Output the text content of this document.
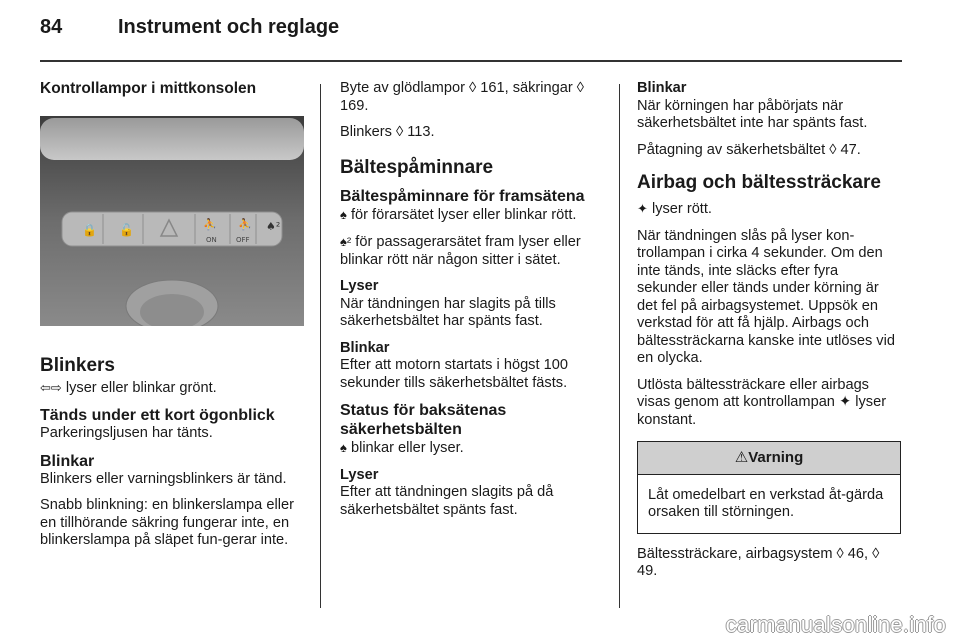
84	Instrument och reglage
Kontrollampor i mittkonsolen
🔒 🔓	⛹ ⛹ ♠²
ON	OFF
Blinkers

⇦⇨ lyser eller blinkar grönt.

Tänds under ett kort ögonblick

Parkeringsljusen har tänts.

Blinkar

Blinkers eller varningsblinkers är tänd.

Snabb blinkning: en blinkerslampa eller en tillhörande säkring fungerar inte, en blinkerslampa på släpet fun-gerar inte.

Byte av glödlampor ◊ 161, säkringar ◊ 169.

Blinkers ◊ 113.

Bältespåminnare
Bältespåminnare för framsätena

♠ för förarsätet lyser eller blinkar rött.

♠² för passagerarsätet fram lyser eller blinkar rött när någon sitter i sätet.

Lyser

När tändningen har slagits på tills säkerhetsbältet har spänts fast.

Blinkar

Efter att motorn startats i högst 100 sekunder tills säkerhetsbältet fästs.

Status för baksätenas säkerhetsbälten

♠ blinkar eller lyser.

Lyser

Efter att tändningen slagits på då säkerhetsbältet spänts fast.

Blinkar

När körningen har påbörjats när säkerhetsbältet inte har spänts fast.

Påtagning av säkerhetsbältet ◊ 47.

Airbag och bältessträckare

✦ lyser rött.

När tändningen slås på lyser kon-trollampan i cirka 4 sekunder. Om den inte tänds, inte släcks efter fyra sekunder eller tänds under körning är det fel på airbagsystemet. Uppsök en verkstad för att få hjälp. Airbags och bältessträckarna kanske inte utlöses vid en olycka.

Utlösta bältessträckare eller airbags visas genom att kontrollampan ✦ lyser konstant.

⚠Varning
Låt omedelbart en verkstad åt-gärda orsaken till störningen.

Bältessträckare, airbagsystem ◊ 46, ◊ 49.

carmanualsonline.info
